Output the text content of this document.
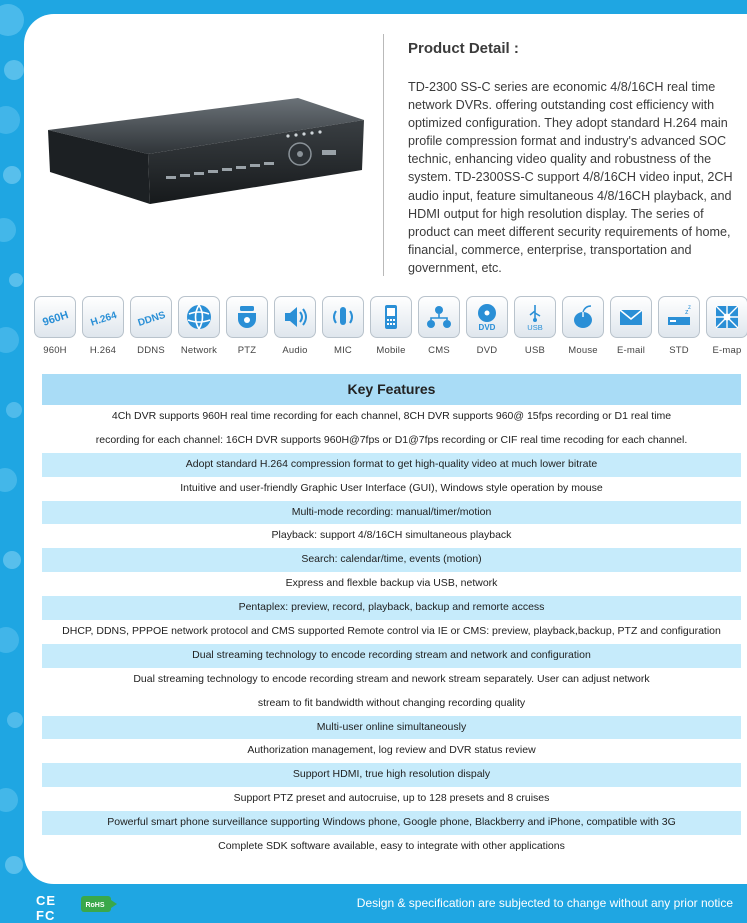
Product Detail :
TD-2300 SS-C series are economic 4/8/16CH real time network DVRs. offering outstanding cost efficiency with optimized configuration. They adopt standard H.264 main profile compression format and industry's advanced SOC technic, enhancing video quality and robustness of the system. TD-2300SS-C support 4/8/16CH video input, 2CH audio input, feature simultaneous 4/8/16CH playback, and HDMI output for high resolution display. The series of product can meet different security requirements of home, financial, commerce, enterprise, transportation and government, etc.
960H
960H
H.264
H.264
DDNS
DDNS	Network	PTZ	Audio	MIC	Mobile	CMS
DVD
DVD
USB
USB	Mouse	E-mail
z
z
STD	E-map
Key Features
4Ch DVR supports 960H real time recording for each channel, 8CH DVR supports 960@ 15fps recording or D1 real time
recording for each channel: 16CH DVR supports 960H@7fps or D1@7fps recording or CIF real time recoding for each channel.
Adopt standard H.264 compression format to get high-quality video at much lower bitrate
Intuitive and user-friendly Graphic User Interface (GUI), Windows style operation by mouse
Multi-mode recording: manual/timer/motion
Playback: support 4/8/16CH simultaneous playback
Search: calendar/time, events (motion)
Express and flexble backup via USB, network
Pentaplex: preview, record, playback, backup and remorte access
DHCP, DDNS, PPPOE network protocol and CMS supported Remote control via IE or CMS: preview, playback,backup, PTZ and configuration
Dual streaming technology to encode recording stream and network and configuration
Dual streaming technology to encode recording stream and nework stream separately. User can adjust network
stream to fit bandwidth without changing recording quality
Multi-user online simultaneously
Authorization management, log review and DVR status review
Support HDMI, true high resolution dispaly
Support PTZ preset and autocruise, up to 128 presets and 8 cruises
Powerful smart phone surveillance supporting Windows phone, Google phone, Blackberry and iPhone, compatible with 3G
Complete SDK software available, easy to integrate with other applications
CE FC
RoHS	Design & specification are subjected to change without any prior notice
